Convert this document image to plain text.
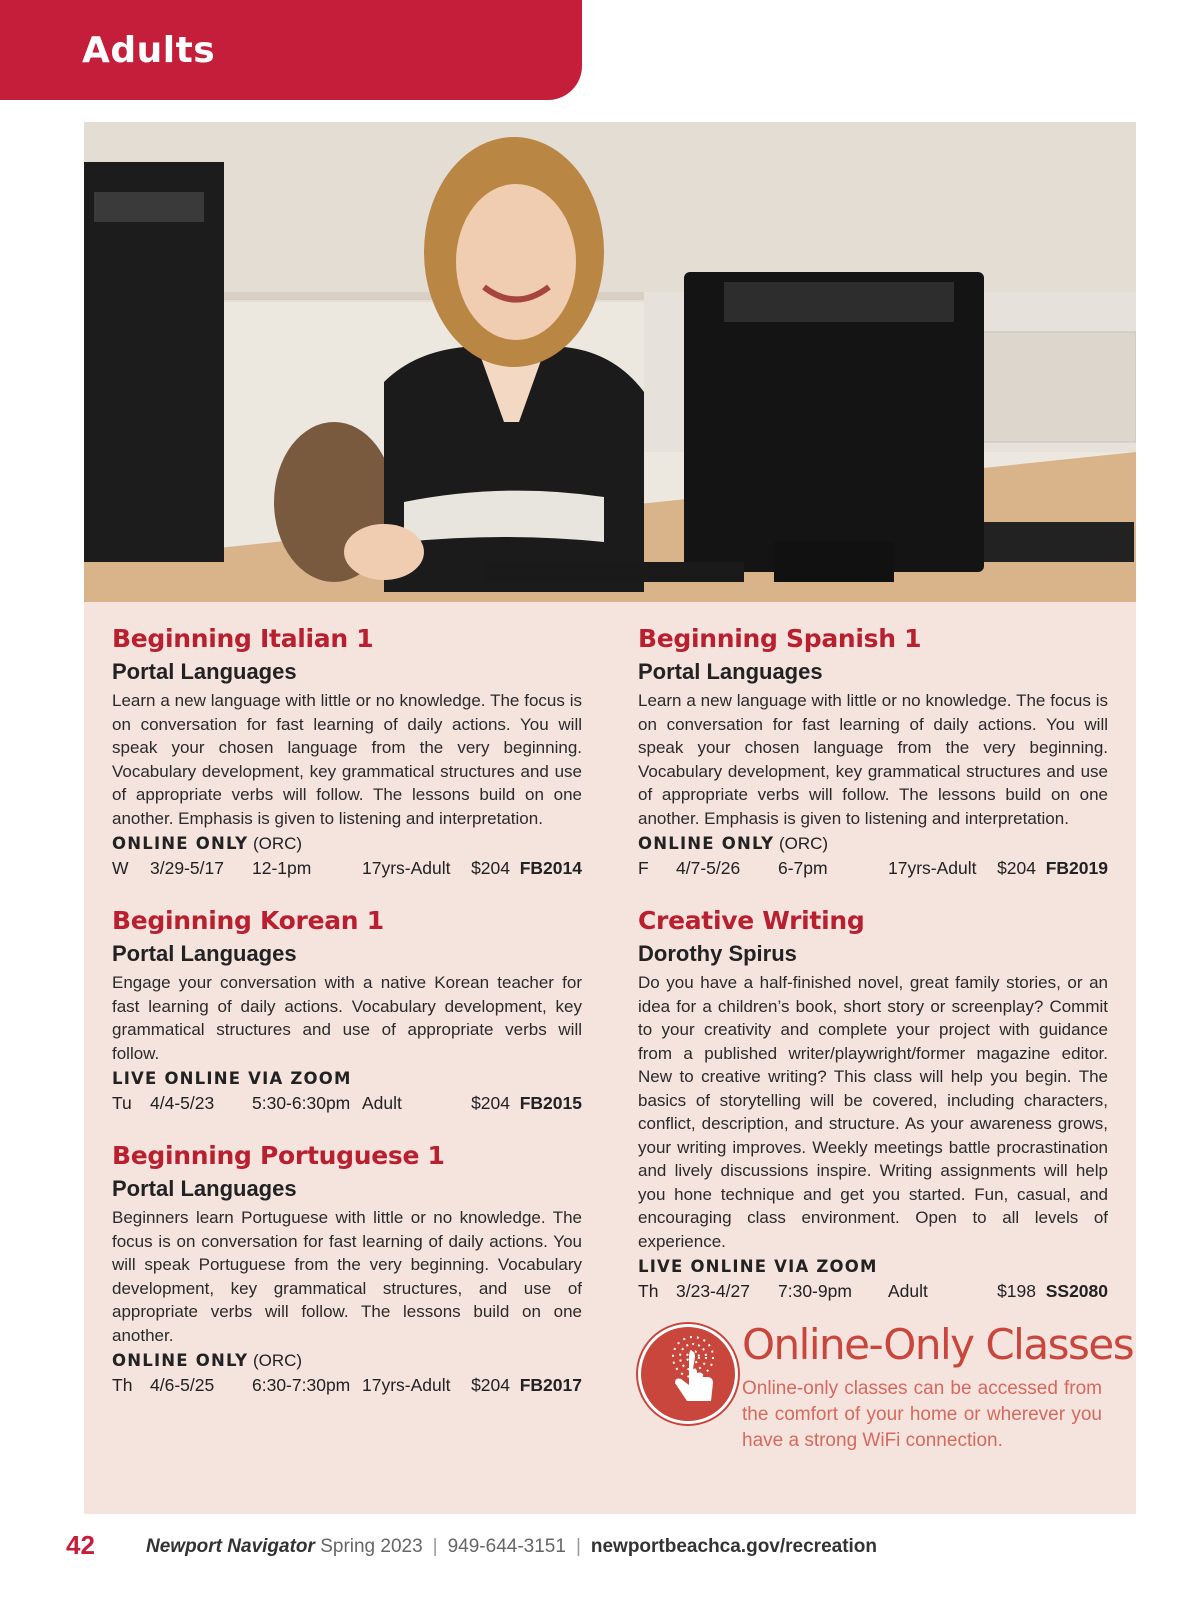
Adults
Beginning Italian 1
Portal Languages
Learn a new language with little or no knowledge. The focus is on conversation for fast learning of daily actions. You will speak your chosen language from the very beginning. Vocabulary development, key grammatical structures and use of appropriate verbs will follow. The lessons build on one another. Emphasis is given to listening and interpretation.
ONLINE ONLY (ORC)
W 3/29-5/17 12-1pm	17yrs-Adult $204 FB2014
Beginning Korean 1
Portal Languages
Engage your conversation with a native Korean teacher for fast learning of daily actions. Vocabulary development, key grammatical structures and use of appropriate verbs will follow.
LIVE ONLINE VIA ZOOM
Tu 4/4-5/23 5:30-6:30pm Adult	$204 FB2015
Beginning Portuguese 1
Portal Languages
Beginners learn Portuguese with little or no knowledge. The focus is on conversation for fast learning of daily actions. You will speak Portuguese from the very beginning. Vocabulary development, key grammatical structures, and use of appropriate verbs will follow. The lessons build on one another.
ONLINE ONLY (ORC)
Th 4/6-5/25 6:30-7:30pm 17yrs-Adult $204 FB2017
Beginning Spanish 1
Portal Languages
Learn a new language with little or no knowledge. The focus is on conversation for fast learning of daily actions. You will speak your chosen language from the very beginning. Vocabulary development, key grammatical structures and use of appropriate verbs will follow. The lessons build on one another. Emphasis is given to listening and interpretation.
ONLINE ONLY (ORC)
F 4/7-5/26 6-7pm	17yrs-Adult $204 FB2019
Creative Writing
Dorothy Spirus
Do you have a half-finished novel, great family stories, or an idea for a children’s book, short story or screenplay? Commit to your creativity and complete your project with guidance from a published writer/playwright/former magazine editor. New to creative writing? This class will help you begin. The basics of storytelling will be covered, including characters, conflict, description, and structure. As your awareness grows, your writing improves. Weekly meetings battle procrastination and lively discussions inspire. Writing assignments will help you hone technique and get you started. Fun, casual, and encouraging class environment. Open to all levels of experience.
LIVE ONLINE VIA ZOOM
Th 3/23-4/27 7:30-9pm Adult	$198 SS2080
Online-Only Classes
Online-only classes can be accessed from the comfort of your home or wherever you have a strong WiFi connection.
42	Newport Navigator Spring 2023 | 949-644-3151 | newportbeachca.gov/recreation
